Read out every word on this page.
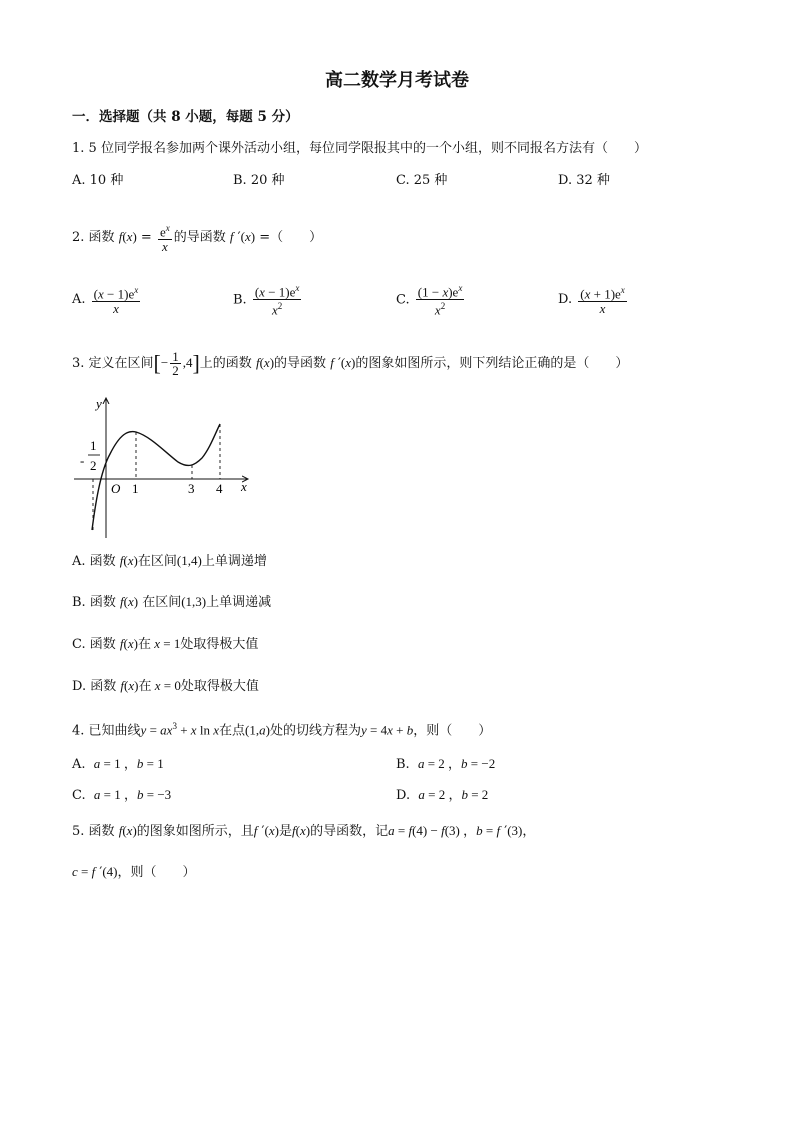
高二数学月考试卷
一．选择题（共 8 小题，每题 5 分）
1. 5 位同学报名参加两个课外活动小组，每位同学限报其中的一个小组，则不同报名方法有（　　）
A. 10 种	B. 20 种	C. 25 种	D. 32 种
2. 函数 $f(x) = \frac{e^x}{x}$ 的导函数 f ′(x) =（　　）
A. $\frac{(x - 1)e^x}{x}$	B. $\frac{(x - 1)e^x}{x^2}$	C. $\frac{(1 - x)e^x}{x^2}$	D. $\frac{(x + 1)e^x}{x}$
3. 定义在区间[− $\frac{1}{2} ,4$]上的函数 f(x)的导函数 f ′(x)的图象如图所示，则下列结论正确的是（　　）
y
x
O 1	3 4
-
1
2
A. 函数 f(x)在区间(1,4)上单调递增
B. 函数 f(x) 在区间(1,3)上单调递减
C. 函数 f(x)在 x = 1处取得极大值
D. 函数 f(x)在 x = 0处取得极大值
4. 已知曲线$y = ax^3 + x$ ln x在点(1,a)处的切线方程为y = 4x + b，则（　　）
A. a = 1 ，b = 1	B. a = 2 ，b = −2
C. a = 1 ，b = −3	D. a = 2 ，b = 2
5. 函数 f(x)的图象如图所示，且f ′(x)是f(x)的导函数，记a = f(4) − f(3) ，b = f ′(3)，
c = f ′(4)，则（　　）
